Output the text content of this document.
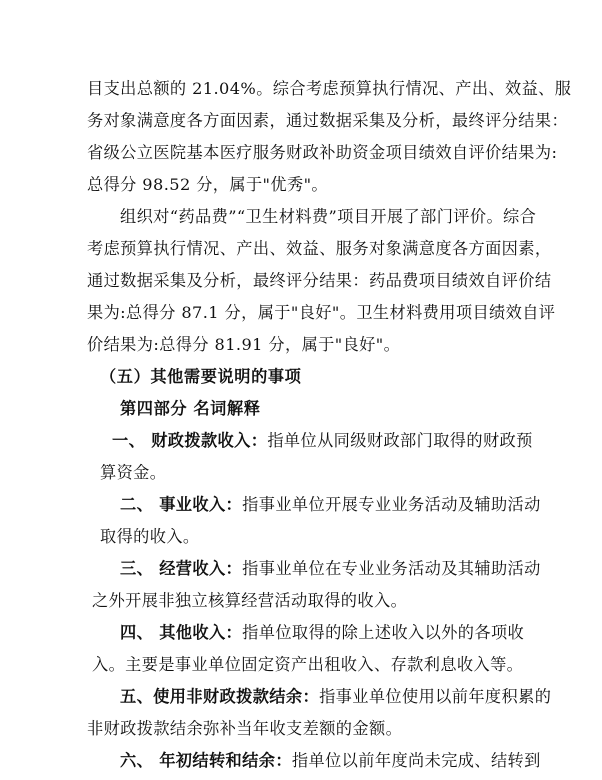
目支出总额的 21.04%。综合考虑预算执行情况、产出、效益、服
务对象满意度各方面因素，通过数据采集及分析，最终评分结果：
省级公立医院基本医疗服务财政补助资金项目绩效自评价结果为:
总得分 98.52 分，属于"优秀"。
组织对“药品费”“卫生材料费”项目开展了部门评价。综合
考虑预算执行情况、产出、效益、服务对象满意度各方面因素，
通过数据采集及分析，最终评分结果：药品费项目绩效自评价结
果为:总得分 87.1 分，属于"良好"。卫生材料费用项目绩效自评
价结果为:总得分 81.91 分，属于"良好"。
（五）其他需要说明的事项
第四部分 名词解释
一、 财政拨款收入：指单位从同级财政部门取得的财政预
算资金。
二、 事业收入：指事业单位开展专业业务活动及辅助活动
取得的收入。
三、 经营收入：指事业单位在专业业务活动及其辅助活动
之外开展非独立核算经营活动取得的收入。
四、 其他收入：指单位取得的除上述收入以外的各项收
入。主要是事业单位固定资产出租收入、存款利息收入等。
五、使用非财政拨款结余：指事业单位使用以前年度积累的
非财政拨款结余弥补当年收支差额的金额。
六、 年初结转和结余：指单位以前年度尚未完成、结转到
